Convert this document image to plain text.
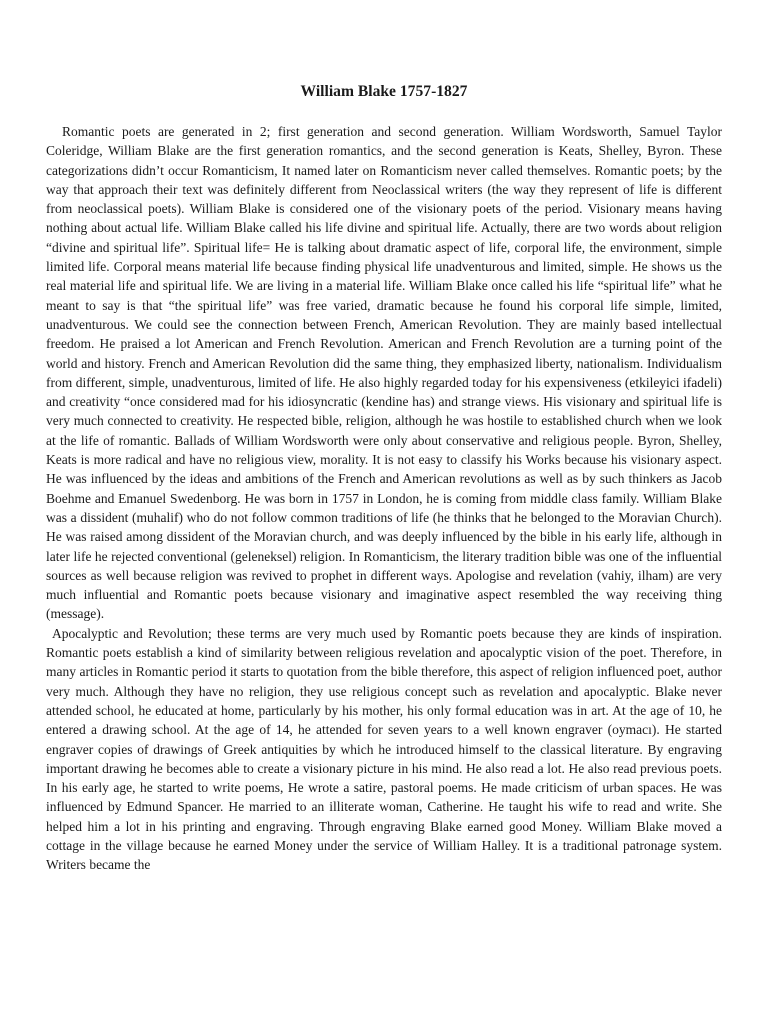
William Blake 1757-1827

Romantic poets are generated in 2; first generation and second generation. William Wordsworth, Samuel Taylor Coleridge, William Blake are the first generation romantics, and the second generation is Keats, Shelley, Byron. These categorizations didn’t occur Romanticism, It named later on Romanticism never called themselves. Romantic poets; by the way that approach their text was definitely different from Neoclassical writers (the way they represent of life is different from neoclassical poets). William Blake is considered one of the visionary poets of the period. Visionary means having nothing about actual life. William Blake called his life divine and spiritual life. Actually, there are two words about religion “divine and spiritual life”. Spiritual life= He is talking about dramatic aspect of life, corporal life, the environment, simple limited life. Corporal means material life because finding physical life unadventurous and limited, simple. He shows us the real material life and spiritual life. We are living in a material life. William Blake once called his life “spiritual life” what he meant to say is that “the spiritual life” was free varied, dramatic because he found his corporal life simple, limited, unadventurous. We could see the connection between French, American Revolution. They are mainly based intellectual freedom. He praised a lot American and French Revolution. American and French Revolution are a turning point of the world and history. French and American Revolution did the same thing, they emphasized liberty, nationalism. Individualism from different, simple, unadventurous, limited of life. He also highly regarded today for his expensiveness (etkileyici ifadeli) and creativity “once considered mad for his idiosyncratic (kendine has) and strange views. His visionary and spiritual life is very much connected to creativity. He respected bible, religion, although he was hostile to established church when we look at the life of romantic. Ballads of William Wordsworth were only about conservative and religious people. Byron, Shelley, Keats is more radical and have no religious view, morality. It is not easy to classify his Works because his visionary aspect. He was influenced by the ideas and ambitions of the French and American revolutions as well as by such thinkers as Jacob Boehme and Emanuel Swedenborg. He was born in 1757 in London, he is coming from middle class family. William Blake was a dissident (muhalif) who do not follow common traditions of life (he thinks that he belonged to the Moravian Church). He was raised among dissident of the Moravian church, and was deeply influenced by the bible in his early life, although in later life he rejected conventional (geleneksel) religion. In Romanticism, the literary tradition bible was one of the influential sources as well because religion was revived to prophet in different ways. Apologise and revelation (vahiy, ilham) are very much influential and Romantic poets because visionary and imaginative aspect resembled the way receiving thing (message).

Apocalyptic and Revolution; these terms are very much used by Romantic poets because they are kinds of inspiration. Romantic poets establish a kind of similarity between religious revelation and apocalyptic vision of the poet. Therefore, in many articles in Romantic period it starts to quotation from the bible therefore, this aspect of religion influenced poet, author very much. Although they have no religion, they use religious concept such as revelation and apocalyptic. Blake never attended school, he educated at home, particularly by his mother, his only formal education was in art. At the age of 10, he entered a drawing school. At the age of 14, he attended for seven years to a well known engraver (oymacı). He started engraver copies of drawings of Greek antiquities by which he introduced himself to the classical literature. By engraving important drawing he becomes able to create a visionary picture in his mind. He also read a lot. He also read previous poets. In his early age, he started to write poems, He wrote a satire, pastoral poems. He made criticism of urban spaces. He was influenced by Edmund Spancer. He married to an illiterate woman, Catherine. He taught his wife to read and write. She helped him a lot in his printing and engraving. Through engraving Blake earned good Money. William Blake moved a cottage in the village because he earned Money under the service of William Halley. It is a traditional patronage system. Writers became the
